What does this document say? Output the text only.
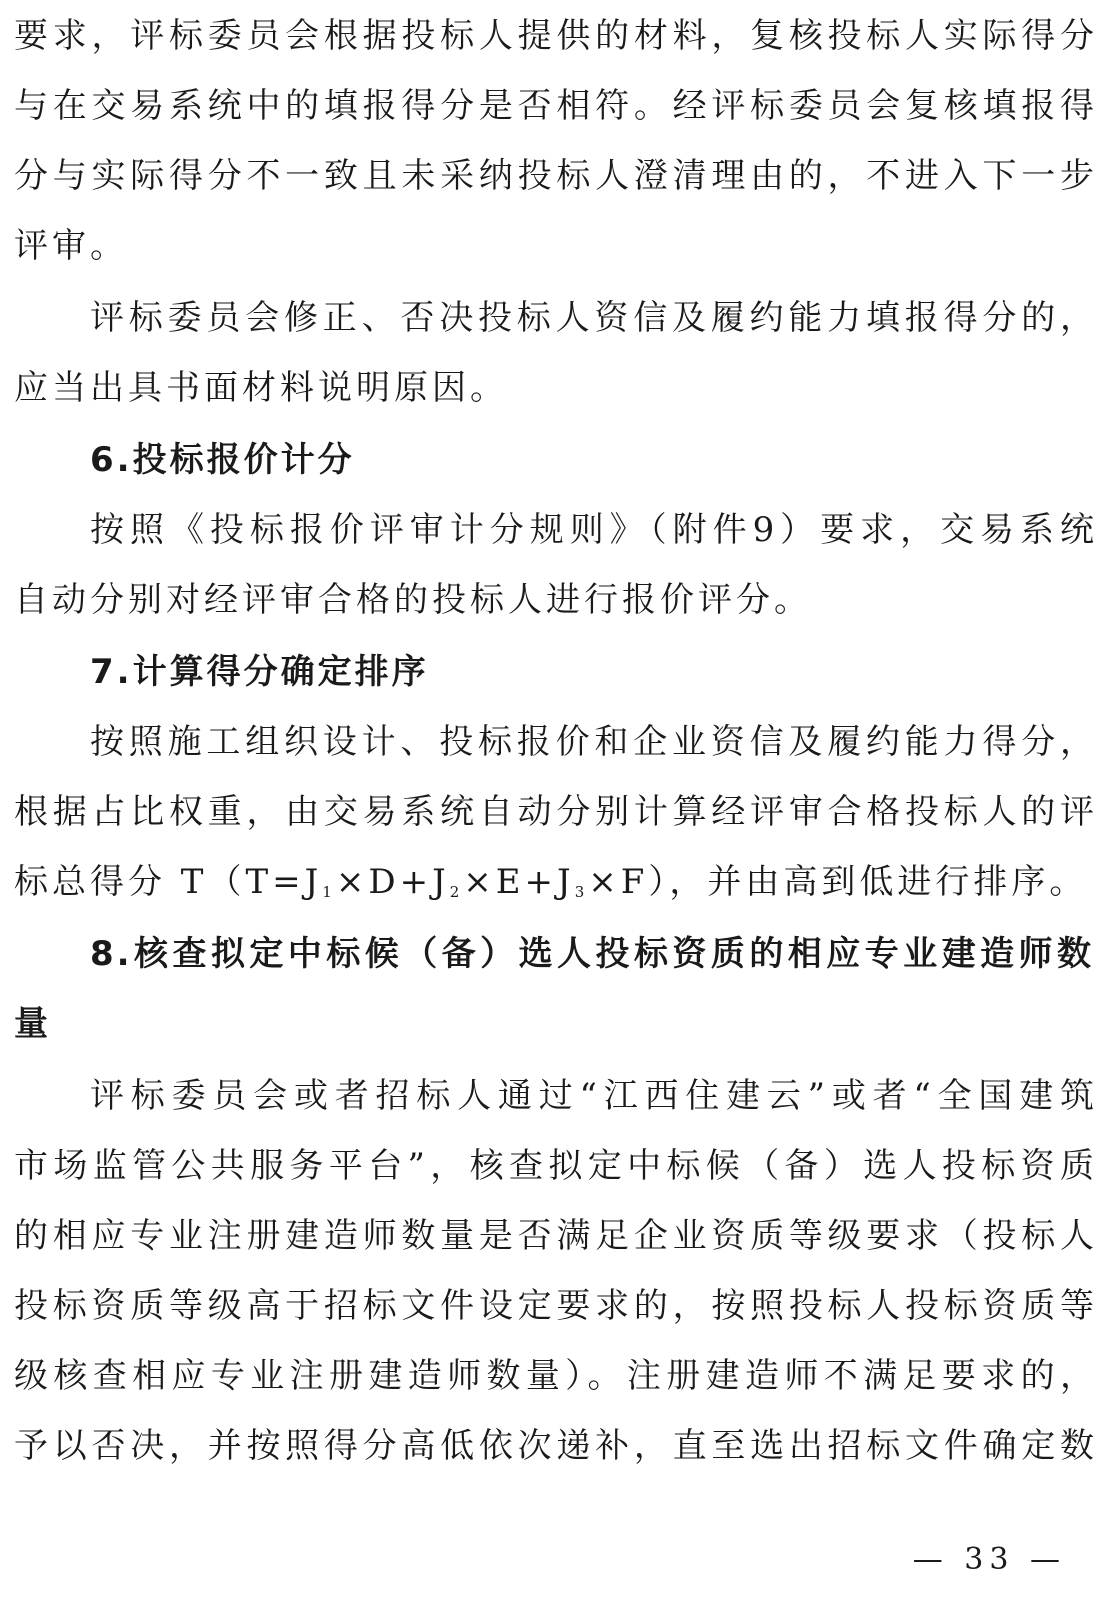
要求，评标委员会根据投标人提供的材料，复核投标人实际得分
与在交易系统中的填报得分是否相符。经评标委员会复核填报得
分与实际得分不一致且未采纳投标人澄清理由的，不进入下一步
评审。
评标委员会修正、否决投标人资信及履约能力填报得分的，
应当出具书面材料说明原因。
6.投标报价计分
按照《投标报价评审计分规则》（附件9）要求，交易系统
自动分别对经评审合格的投标人进行报价评分。
7.计算得分确定排序
按照施工组织设计、投标报价和企业资信及履约能力得分，
根据占比权重，由交易系统自动分别计算经评审合格投标人的评
标总得分 $T(T=J_1\times D+J_2\times E+J_3\times F)$，并由高到低进行排序。
8.核查拟定中标候（备）选人投标资质的相应专业建造师数
量
评标委员会或者招标人通过“江西住建云”或者“全国建筑
市场监管公共服务平台”，核查拟定中标候（备）选人投标资质
的相应专业注册建造师数量是否满足企业资质等级要求（投标人
投标资质等级高于招标文件设定要求的，按照投标人投标资质等
级核查相应专业注册建造师数量）。注册建造师不满足要求的，
予以否决，并按照得分高低依次递补，直至选出招标文件确定数
— 33 —
